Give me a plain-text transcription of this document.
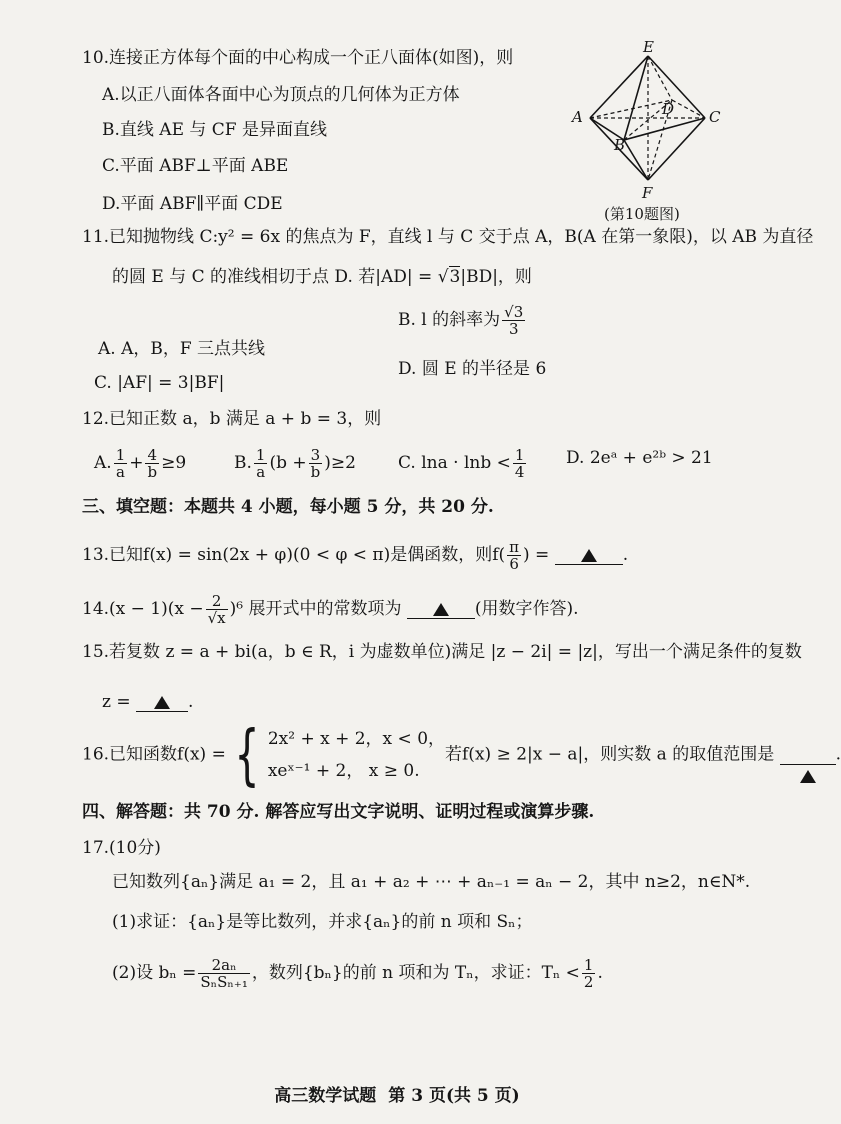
10.连接正方体每个面的中心构成一个正八面体(如图)，则
A.以正八面体各面中心为顶点的几何体为正方体
B.直线 AE 与 CF 是异面直线
C.平面 ABF⊥平面 ABE
D.平面 ABF∥平面 CDE
E
A	C
B
D
F
(第10题图)
11.已知抛物线 C:y² = 6x 的焦点为 F，直线 l 与 C 交于点 A，B(A 在第一象限)，以 AB 为直径
的圆 E 与 C 的准线相切于点 D. 若|AD| = √3|BD|，则
A. A，B，F 三点共线
B. l 的斜率为 $\frac{√3}{3}$
C. |AF| = 3|BF|
D. 圆 E 的半径是 6
12.已知正数 a，b 满足 a + b = 3，则
A. $\frac{1}{a} + \frac{4}{b} \ge 9$	B. $\frac{1}{a} (b + \frac{3}{b} )\ge 2$ C. $\ln a \cdot \ln b < \frac{1}{4} D$. 2eᵃ + e²ᵇ > 21
三、填空题：本题共 4 小题，每小题 5 分，共 20 分.
13.已知f(x) = sin(2x + φ)(0 < φ < π)是偶函数，则$f( \frac{\pi}{6}$ ) =	.
$14.(x - 1)(x - \frac{2}{√x} )^6$ 展开式中的常数项为	(用数字作答).
15.若复数 z = a + bi(a，b ∈ R，i 为虚数单位)满足 |z − 2i| = |z|，写出一个满足条件的复数
z =	.
16.已知函数f(x) = { 2x² + x + 2，x < 0，
xeˣ⁻¹ + 2， x ≥ 0.
若f(x) ≥ 2|x − a|，则实数 a 的取值范围是	.
四、解答题：共 70 分. 解答应写出文字说明、证明过程或演算步骤.
17.(10分)
已知数列{aₙ}满足 a₁ = 2，且 a₁ + a₂ + ⋯ + aₙ₋₁ = aₙ − 2，其中 n≥2，n∈N*.
(1)求证：{aₙ}是等比数列，并求{aₙ}的前 n 项和 Sₙ；
(2)设 $b_n = \frac{\text{2aₙ}}{\text{SₙSₙ₊₁}}$ ，数列{bₙ}的前 n 项和为 Tₙ，求证：$T_n < \frac{1}{2}$ .
高三数学试题 第 3 页(共 5 页)
